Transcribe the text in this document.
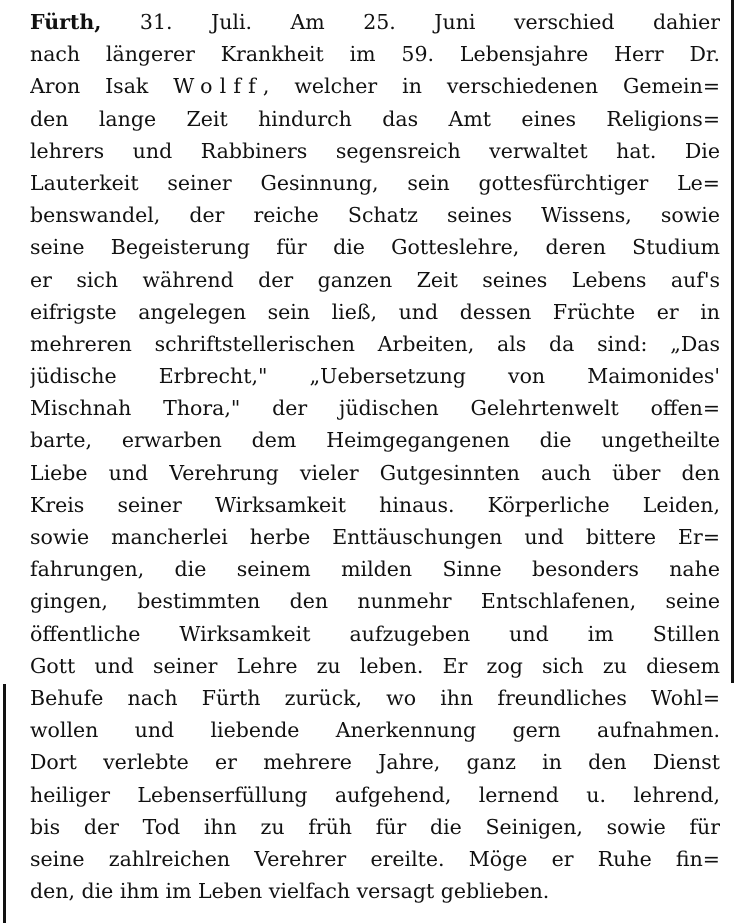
Fürth, 31. Juli. Am 25. Juni verschied dahier
nach längerer Krankheit im 59. Lebensjahre Herr Dr.
Aron Isak Wolff, welcher in verschiedenen Gemein=
den lange Zeit hindurch das Amt eines Religions=
lehrers und Rabbiners segensreich verwaltet hat. Die
Lauterkeit seiner Gesinnung, sein gottesfürchtiger Le=
benswandel, der reiche Schatz seines Wissens, sowie
seine Begeisterung für die Gotteslehre, deren Studium
er sich während der ganzen Zeit seines Lebens auf's
eifrigste angelegen sein ließ, und dessen Früchte er in
mehreren schriftstellerischen Arbeiten, als da sind: „Das
jüdische Erbrecht," „Uebersetzung von Maimonides'
Mischnah Thora," der jüdischen Gelehrtenwelt offen=
barte, erwarben dem Heimgegangenen die ungetheilte
Liebe und Verehrung vieler Gutgesinnten auch über den
Kreis seiner Wirksamkeit hinaus. Körperliche Leiden,
sowie mancherlei herbe Enttäuschungen und bittere Er=
fahrungen, die seinem milden Sinne besonders nahe
gingen, bestimmten den nunmehr Entschlafenen, seine
öffentliche Wirksamkeit aufzugeben und im Stillen
Gott und seiner Lehre zu leben. Er zog sich zu diesem
Behufe nach Fürth zurück, wo ihn freundliches Wohl=
wollen und liebende Anerkennung gern aufnahmen.
Dort verlebte er mehrere Jahre, ganz in den Dienst
heiliger Lebenserfüllung aufgehend, lernend u. lehrend,
bis der Tod ihn zu früh für die Seinigen, sowie für
seine zahlreichen Verehrer ereilte. Möge er Ruhe fin=
den, die ihm im Leben vielfach versagt geblieben.
